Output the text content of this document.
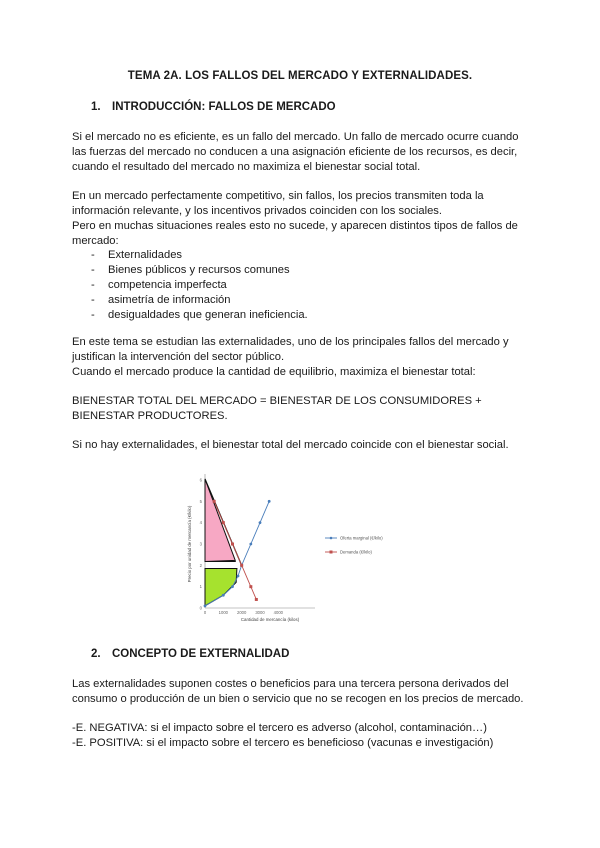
TEMA 2A. LOS FALLOS DEL MERCADO Y EXTERNALIDADES.
1. INTRODUCCIÓN: FALLOS DE MERCADO
Si el mercado no es eficiente, es un fallo del mercado. Un fallo de mercado ocurre cuando
las fuerzas del mercado no conducen a una asignación eficiente de los recursos, es decir,
cuando el resultado del mercado no maximiza el bienestar social total.
En un mercado perfectamente competitivo, sin fallos, los precios transmiten toda la
información relevante, y los incentivos privados coinciden con los sociales.
Pero en muchas situaciones reales esto no sucede, y aparecen distintos tipos de fallos de
mercado:
- Externalidades
- Bienes públicos y recursos comunes
- competencia imperfecta
- asimetría de información
- desigualdades que generan ineficiencia.
En este tema se estudian las externalidades, uno de los principales fallos del mercado y
justifican la intervención del sector público.
Cuando el mercado produce la cantidad de equilibrio, maximiza el bienestar total:
BIENESTAR TOTAL DEL MERCADO = BIENESTAR DE LOS CONSUMIDORES +
BIENESTAR PRODUCTORES.
Si no hay externalidades, el bienestar total del mercado coincide con el bienestar social.
0
1
2
3
4
5
6
0	1000 2000 3000 4000
Cantidad de mercancía (kilos)
Precio por unidad de mercancía (€/kilo)	Oferta marginal (€/kilo)
Demanda (€/kilo)
2. CONCEPTO DE EXTERNALIDAD
Las externalidades suponen costes o beneficios para una tercera persona derivados del
consumo o producción de un bien o servicio que no se recogen en los precios de mercado.
-E. NEGATIVA: si el impacto sobre el tercero es adverso (alcohol, contaminación…)
-E. POSITIVA: si el impacto sobre el tercero es beneficioso (vacunas e investigación)
